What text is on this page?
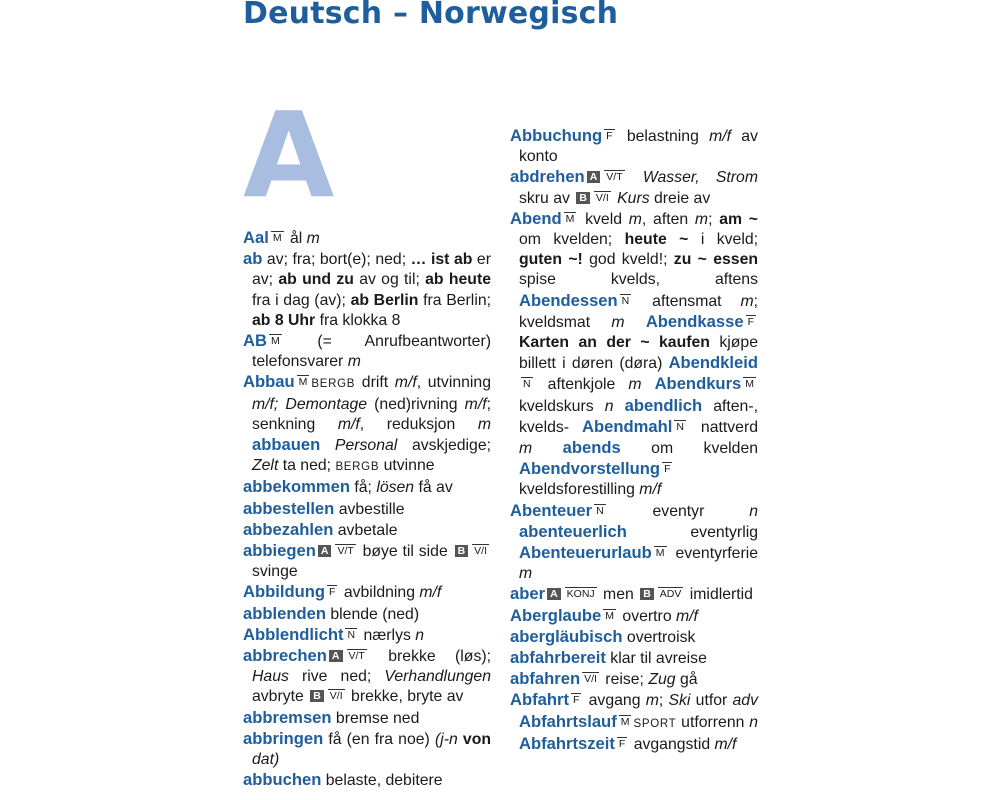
Deutsch – Norwegisch
A

Aal M ål m

ab av; fra; bort(e); ned; … ist ab er av; ab und zu av og til; ab heute fra i dag (av); ab Berlin fra Berlin; ab 8 Uhr fra klokka 8

AB M (= Anrufbeantworter) telefonsvarer m

Abbau M BERGB drift m/f, utvinning m/f; Demontage (ned)rivning m/f; senkning m/f, reduksjon m abbauen Personal avskjedige; Zelt ta ned; BERGB utvinne

abbekommen få; lösen få av

abbestellen avbestille

abbezahlen avbetale

abbiegen A V/T bøye til side B V/I svinge

Abbildung F avbildning m/f

abblenden blende (ned)

Abblendlicht N nærlys n

abbrechen A V/T brekke (løs); Haus rive ned; Verhandlungen avbryte B V/I brekke, bryte av

abbremsen bremse ned

abbringen få (en fra noe) (j-n von dat)

abbuchen belaste, debitere

Abbuchung F belastning m/f av konto

abdrehen A V/T Wasser, Strom skru av B V/I Kurs dreie av

Abend M kveld m, aften m; am ~ om kvelden; heute ~ i kveld; guten ~! god kveld!; zu ~ essen spise kvelds, aftens Abendessen N aftensmat m; kveldsmat m Abendkasse F Karten an der ~ kaufen kjøpe billett i døren (døra) AbendkleidN aftenkjole m Abendkurs M kveldskurs n abendlich aften-, kvelds- Abendmahl N nattverd m abends om kvelden Abendvorstellung F kveldsforestilling m/f

Abenteuer N eventyr n abenteuerlich eventyrlig Abenteuerurlaub M eventyrferie m

aber A KONJ men B ADV imidlertid

Aberglaube M overtro m/f

abergläubisch overtroisk

abfahrbereit klar til avreise

abfahren V/I reise; Zug gå

Abfahrt F avgang m; Ski utfor adv Abfahrtslauf M SPORT utforrenn n Abfahrtszeit F avgangstid m/f
